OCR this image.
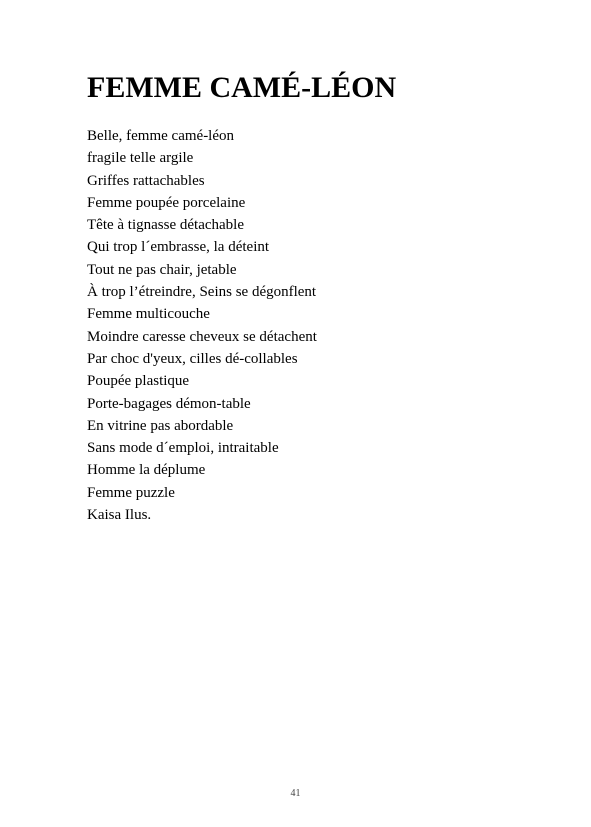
FEMME CAMÉ-LÉON
Belle, femme camé-léon
fragile telle argile
Griffes rattachables
Femme poupée porcelaine
Tête à tignasse détachable
Qui trop l´embrasse, la déteint
Tout ne pas chair, jetable
À trop l’étreindre, Seins se dégonflent
Femme multicouche
Moindre caresse cheveux se détachent
Par choc d'yeux, cilles dé-collables
Poupée plastique
Porte-bagages démon-table
En vitrine pas abordable
Sans mode d´emploi, intraitable
Homme la déplume
Femme puzzle
Kaisa Ilus.
41
